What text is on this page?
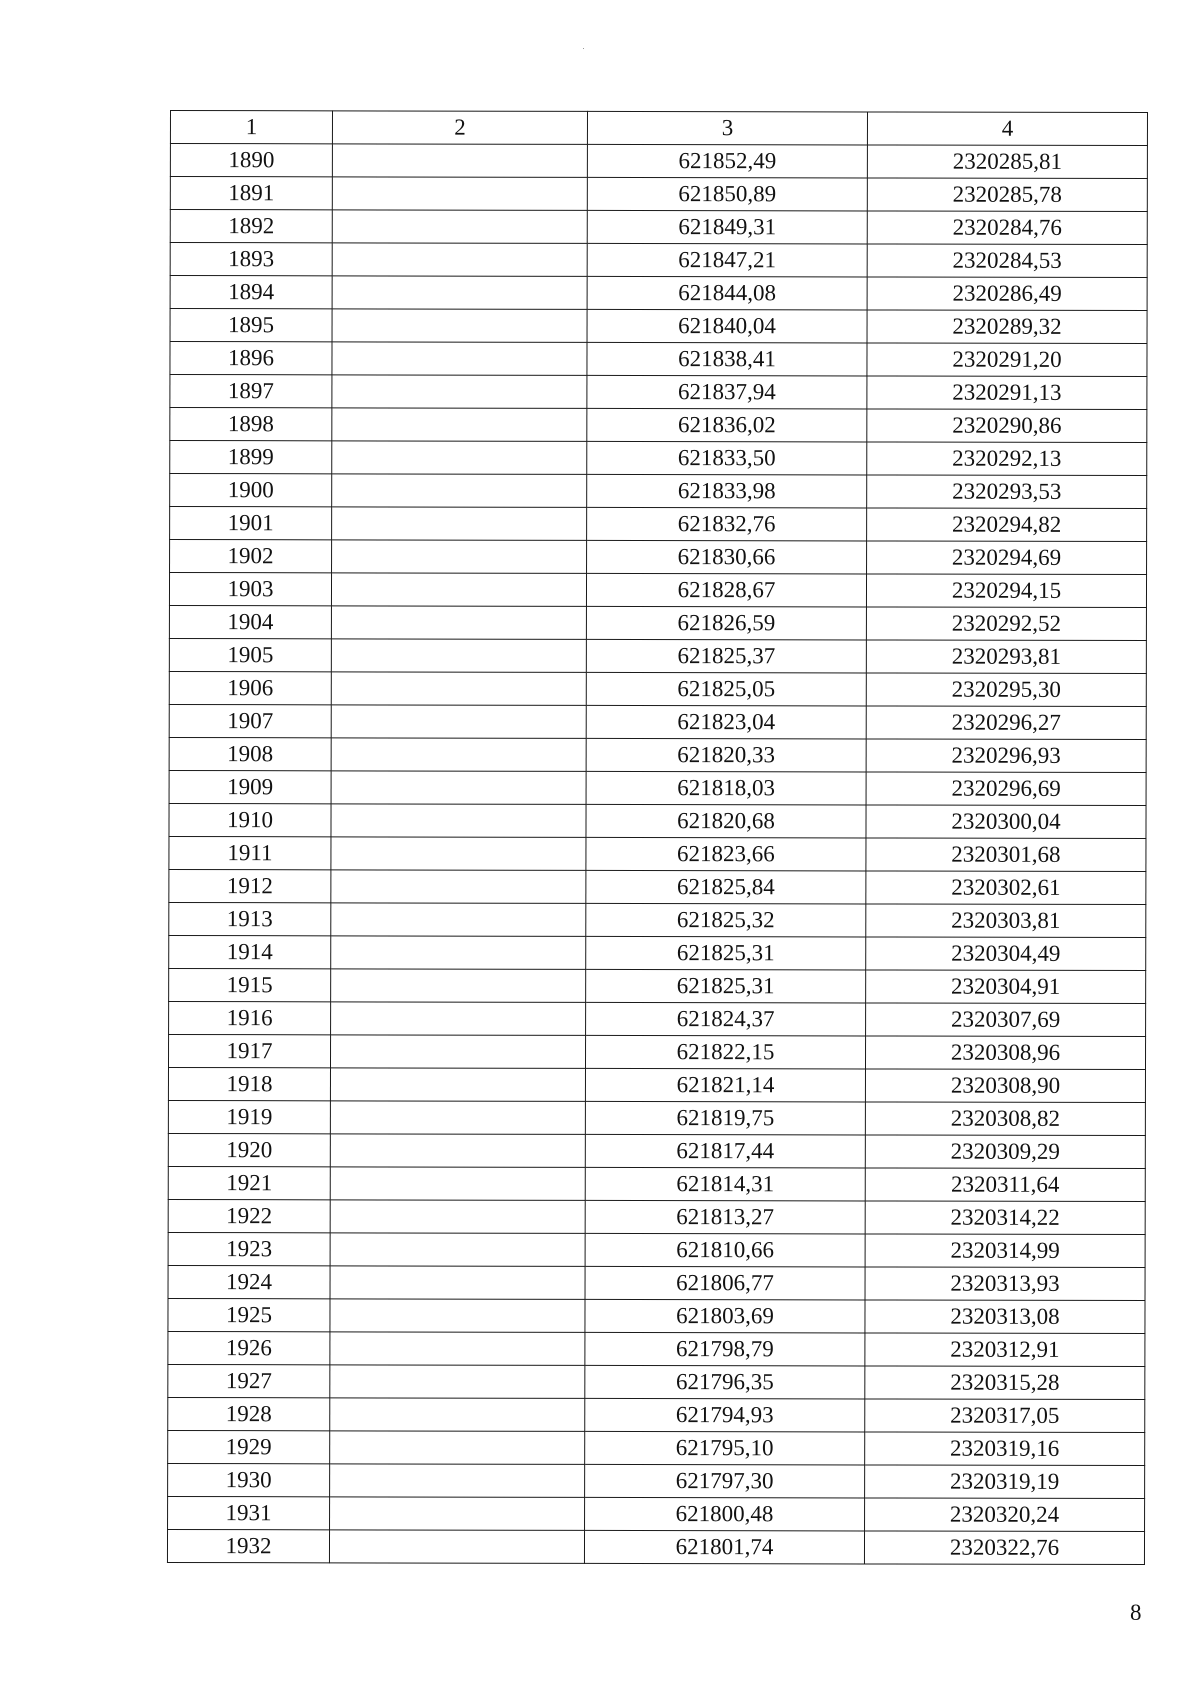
1	2	3	4
1890		621852,49	2320285,81
1891		621850,89	2320285,78
1892		621849,31	2320284,76
1893		621847,21	2320284,53
1894		621844,08	2320286,49
1895		621840,04	2320289,32
1896		621838,41	2320291,20
1897		621837,94	2320291,13
1898		621836,02	2320290,86
1899		621833,50	2320292,13
1900		621833,98	2320293,53
1901		621832,76	2320294,82
1902		621830,66	2320294,69
1903		621828,67	2320294,15
1904		621826,59	2320292,52
1905		621825,37	2320293,81
1906		621825,05	2320295,30
1907		621823,04	2320296,27
1908		621820,33	2320296,93
1909		621818,03	2320296,69
1910		621820,68	2320300,04
1911		621823,66	2320301,68
1912		621825,84	2320302,61
1913		621825,32	2320303,81
1914		621825,31	2320304,49
1915		621825,31	2320304,91
1916		621824,37	2320307,69
1917		621822,15	2320308,96
1918		621821,14	2320308,90
1919		621819,75	2320308,82
1920		621817,44	2320309,29
1921		621814,31	2320311,64
1922		621813,27	2320314,22
1923		621810,66	2320314,99
1924		621806,77	2320313,93
1925		621803,69	2320313,08
1926		621798,79	2320312,91
1927		621796,35	2320315,28
1928		621794,93	2320317,05
1929		621795,10	2320319,16
1930		621797,30	2320319,19
1931		621800,48	2320320,24
1932		621801,74	2320322,76
8
